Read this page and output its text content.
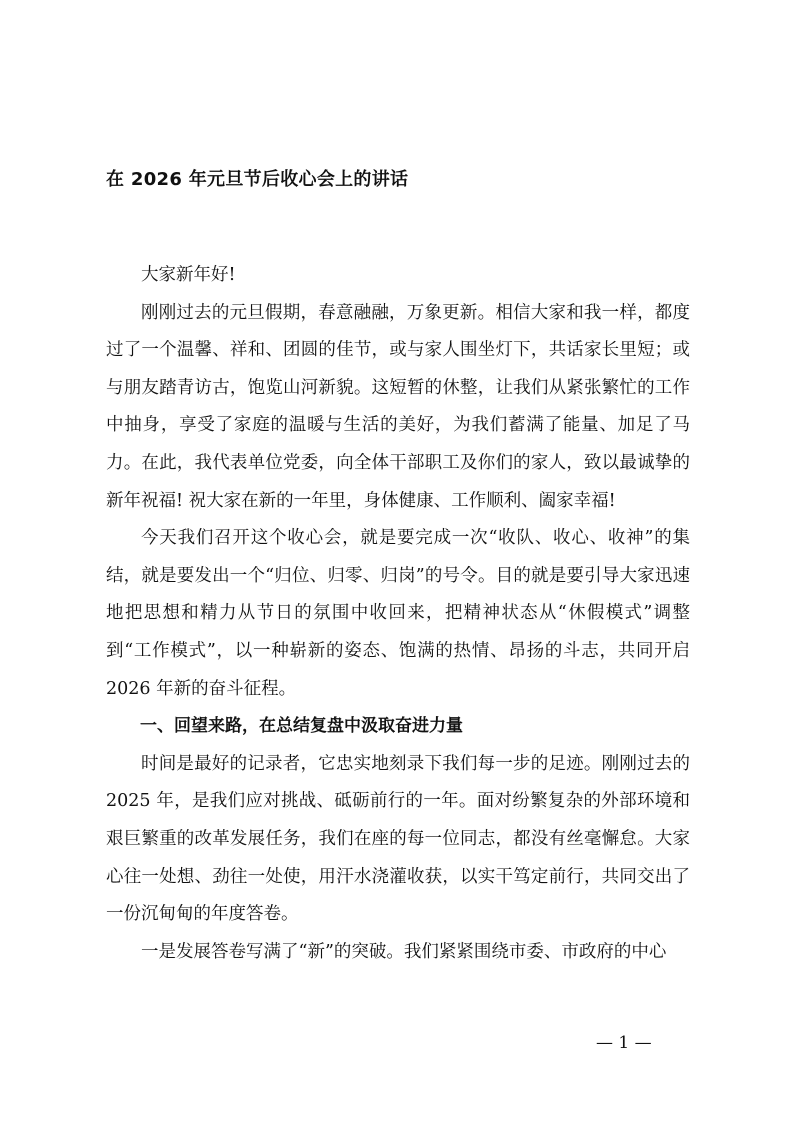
在 2026 年元旦节后收心会上的讲话

大家新年好!

刚刚过去的元旦假期，春意融融，万象更新。相信大家和我一样，都度过了一个温馨、祥和、团圆的佳节，或与家人围坐灯下，共话家长里短；或与朋友踏青访古，饱览山河新貌。这短暂的休整，让我们从紧张繁忙的工作中抽身，享受了家庭的温暖与生活的美好，为我们蓄满了能量、加足了马力。在此，我代表单位党委，向全体干部职工及你们的家人，致以最诚挚的新年祝福! 祝大家在新的一年里，身体健康、工作顺利、阖家幸福!

今天我们召开这个收心会，就是要完成一次“收队、收心、收神”的集结，就是要发出一个“归位、归零、归岗”的号令。目的就是要引导大家迅速地把思想和精力从节日的氛围中收回来，把精神状态从“休假模式”调整到“工作模式”，以一种崭新的姿态、饱满的热情、昂扬的斗志，共同开启 2026 年新的奋斗征程。

一、回望来路，在总结复盘中汲取奋进力量

时间是最好的记录者，它忠实地刻录下我们每一步的足迹。刚刚过去的 2025 年，是我们应对挑战、砥砺前行的一年。面对纷繁复杂的外部环境和艰巨繁重的改革发展任务，我们在座的每一位同志，都没有丝毫懈怠。大家心往一处想、劲往一处使，用汗水浇灌收获，以实干笃定前行，共同交出了一份沉甸甸的年度答卷。

一是发展答卷写满了“新”的突破。我们紧紧围绕市委、市政府的中心

— 1 —
